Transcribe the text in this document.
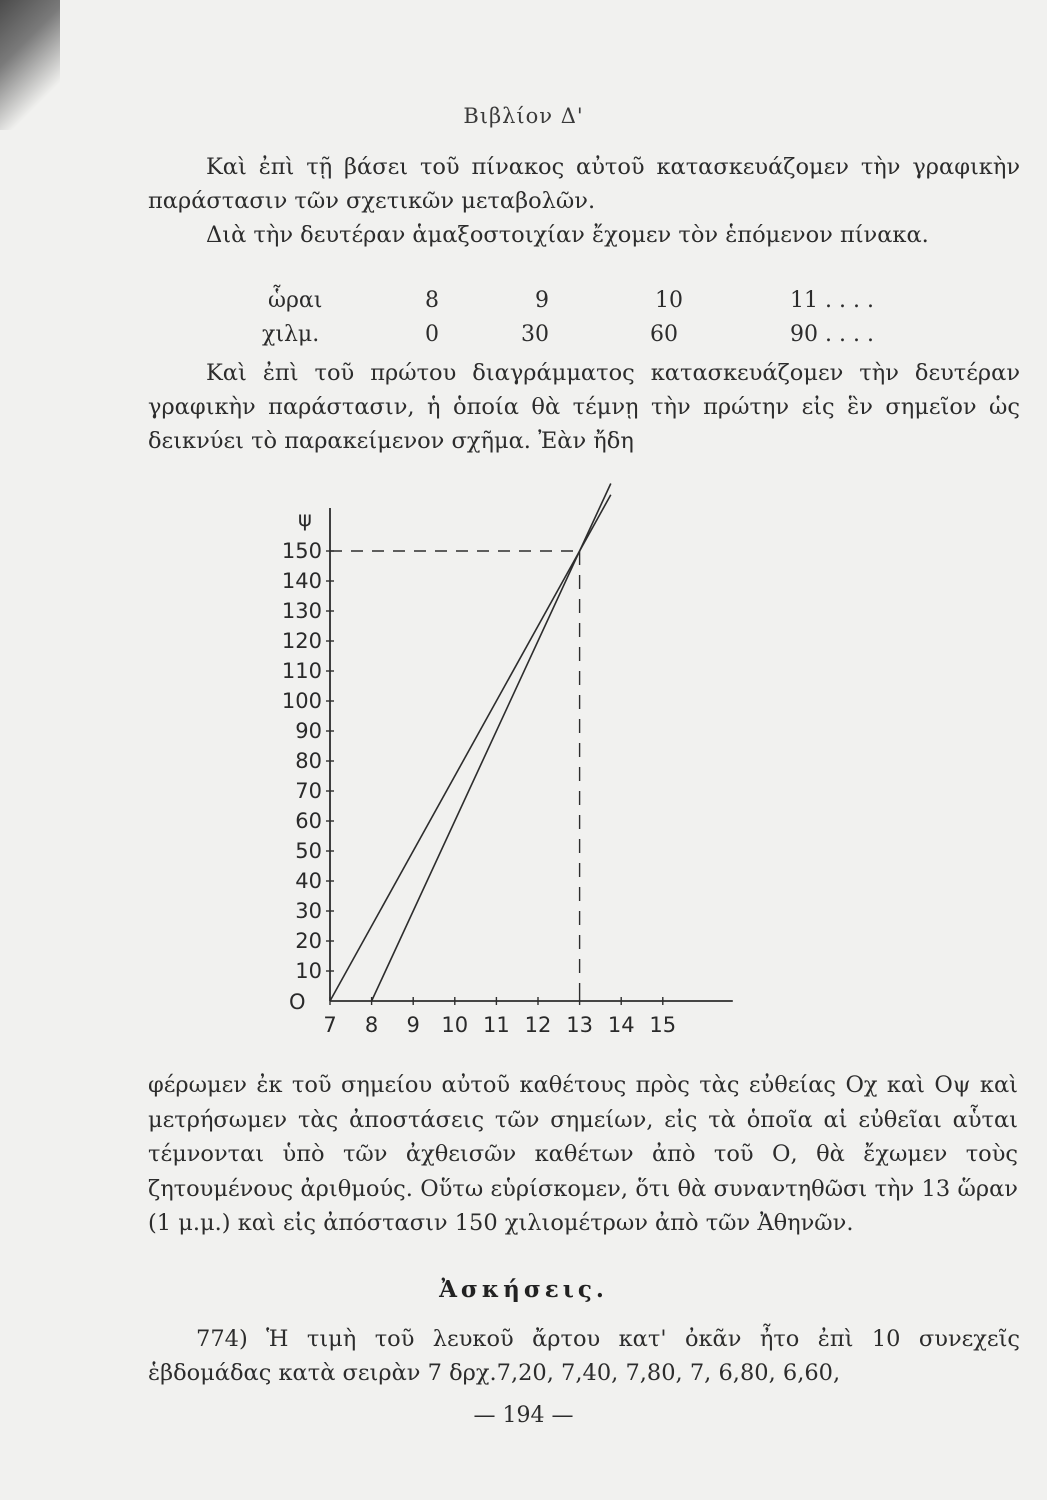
Βιβλίον Δ'
Καὶ ἐπὶ τῇ βάσει τοῦ πίνακος αὐτοῦ κατασκευάζομεν τὴν γραφικὴν παράστασιν τῶν σχετικῶν μεταβολῶν.
Διὰ τὴν δευτέραν ἁμαξοστοιχίαν ἔχομεν τὸν ἑπόμενον πίνακα.
ὧραι	8	9	10	11 . . . .
χιλμ.	0	30	60	90 . . . .
Καὶ ἐπὶ τοῦ πρώτου διαγράμματος κατασκευάζομεν τὴν δευτέραν γραφικὴν παράστασιν, ἡ ὁποία θὰ τέμνῃ τὴν πρώτην εἰς ἓν σημεῖον ὡς δεικνύει τὸ παρακείμενον σχῆμα. Ἐὰν ἤδη
ψ
O
10
20
30
40
50
60
70
80
90
100
110
120
130
140
150
7 8 9 10 11 12 13 14 15
φέρωμεν ἐκ τοῦ σημείου αὐτοῦ καθέτους πρὸς τὰς εὐθείας Οχ καὶ Οψ καὶ μετρήσωμεν τὰς ἀποστάσεις τῶν σημείων, εἰς τὰ ὁποῖα αἱ εὐθεῖαι αὗται τέμνονται ὑπὸ τῶν ἀχθεισῶν καθέτων ἀπὸ τοῦ Ο, θὰ ἔχωμεν τοὺς ζητουμένους ἀριθμούς. Οὕτω εὑρίσκομεν, ὅτι θὰ συναντηθῶσι τὴν 13 ὥραν (1 μ.μ.) καὶ εἰς ἀπόστασιν 150 χιλιομέτρων ἀπὸ τῶν Ἀθηνῶν.
Ἀσκήσεις.
774) Ἡ τιμὴ τοῦ λευκοῦ ἄρτου κατ' ὀκᾶν ἦτο ἐπὶ 10 συνεχεῖς ἑβδομάδας κατὰ σειρὰν 7 δρχ.7,20, 7,40, 7,80, 7, 6,80, 6,60,
— 194 —
